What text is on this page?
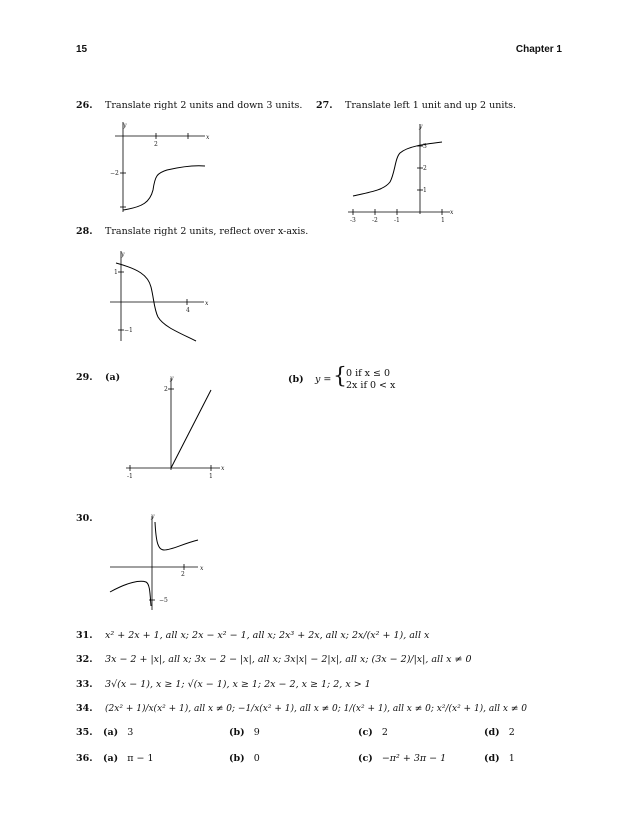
15	Chapter 1
26. Translate right 2 units and down 3 units. 27. Translate left 1 unit and up 2 units.
y
x
2
−2
y
x
-3	-2	-1	1
3
2
1
28. Translate right 2 units, reflect over x-axis.
y
x
4
1
−1
29. (a)	(b) y = { 0 if x ≤ 0
2x if 0 < x
y
x
-1	1
2
30.	y
x
2
−5
31. x² + 2x + 1, all x; 2x − x² − 1, all x; 2x³ + 2x, all x; 2x/(x² + 1), all x
32. 3x − 2 + |x|, all x; 3x − 2 − |x|, all x; 3x|x| − 2|x|, all x; (3x − 2)/|x|, all x ≠ 0
33. 3√(x − 1), x ≥ 1; √(x − 1), x ≥ 1; 2x − 2, x ≥ 1; 2, x > 1
34. (2x² + 1)/x(x² + 1), all x ≠ 0; −1/x(x² + 1), all x ≠ 0; 1/(x² + 1), all x ≠ 0; x²/(x² + 1), all x ≠ 0
35. (a) 3	(b) 9	(c) 2	(d) 2
36. (a) π − 1	(b) 0	(c) −π² + 3π − 1	(d) 1
